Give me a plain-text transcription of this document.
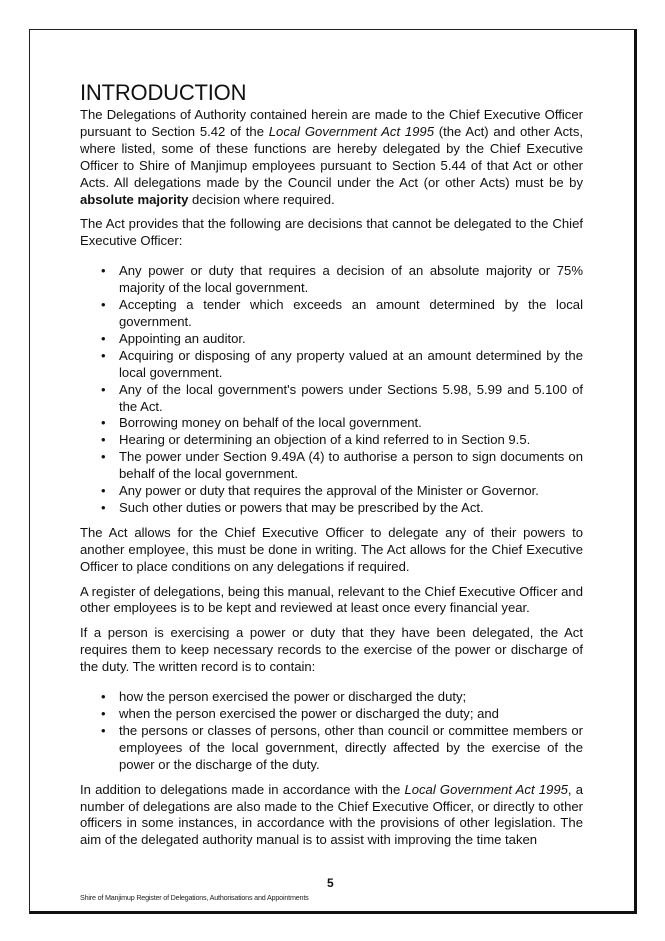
INTRODUCTION

The Delegations of Authority contained herein are made to the Chief Executive Officer pursuant to Section 5.42 of the Local Government Act 1995 (the Act) and other Acts, where listed, some of these functions are hereby delegated by the Chief Executive Officer to Shire of Manjimup employees pursuant to Section 5.44 of that Act or other Acts. All delegations made by the Council under the Act (or other Acts) must be by absolute majority decision where required.

The Act provides that the following are decisions that cannot be delegated to the Chief Executive Officer:

• Any power or duty that requires a decision of an absolute majority or 75% majority of the local government.
• Accepting a tender which exceeds an amount determined by the local government.
• Appointing an auditor.
• Acquiring or disposing of any property valued at an amount determined by the local government.
• Any of the local government's powers under Sections 5.98, 5.99 and 5.100 of the Act.
• Borrowing money on behalf of the local government.
• Hearing or determining an objection of a kind referred to in Section 9.5.
• The power under Section 9.49A (4) to authorise a person to sign documents on behalf of the local government.
• Any power or duty that requires the approval of the Minister or Governor.
• Such other duties or powers that may be prescribed by the Act.

The Act allows for the Chief Executive Officer to delegate any of their powers to another employee, this must be done in writing. The Act allows for the Chief Executive Officer to place conditions on any delegations if required.

A register of delegations, being this manual, relevant to the Chief Executive Officer and other employees is to be kept and reviewed at least once every financial year.

If a person is exercising a power or duty that they have been delegated, the Act requires them to keep necessary records to the exercise of the power or discharge of the duty. The written record is to contain:

• how the person exercised the power or discharged the duty;
• when the person exercised the power or discharged the duty; and
• the persons or classes of persons, other than council or committee members or employees of the local government, directly affected by the exercise of the power or the discharge of the duty.

In addition to delegations made in accordance with the Local Government Act 1995, a number of delegations are also made to the Chief Executive Officer, or directly to other officers in some instances, in accordance with the provisions of other legislation. The aim of the delegated authority manual is to assist with improving the time taken

5
Shire of Manjimup Register of Delegations, Authorisations and Appointments
